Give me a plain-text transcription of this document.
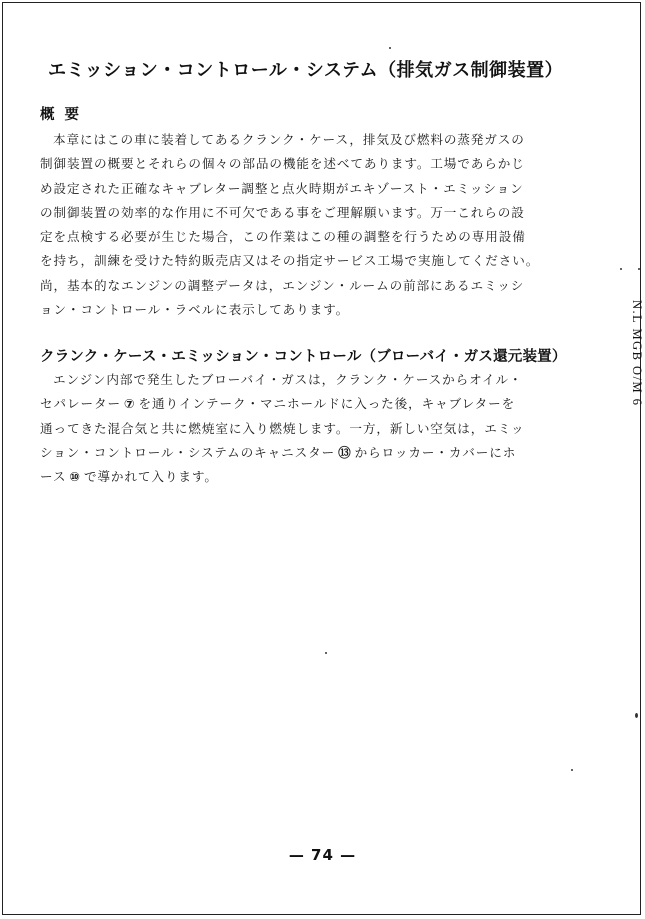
エミッション・コントロール・システム（排気ガス制御装置）
概要
本章にはこの車に装着してあるクランク・ケース，排気及び燃料の蒸発ガスの
制御装置の概要とそれらの個々の部品の機能を述べてあります。工場であらかじ
め設定された正確なキャブレター調整と点火時期がエキゾースト・エミッション
の制御装置の効率的な作用に不可欠である事をご理解願います。万一これらの設
定を点検する必要が生じた場合，この作業はこの種の調整を行うための専用設備
を持ち，訓練を受けた特約販売店又はその指定サービス工場で実施してください。
尚，基本的なエンジンの調整データは，エンジン・ルームの前部にあるエミッシ
ョン・コントロール・ラベルに表示してあります。
クランク・ケース・エミッション・コントロール（ブローバイ・ガス還元装置）
エンジン内部で発生したブローバイ・ガスは，クランク・ケースからオイル・
セパレーター ⑦ を通りインテーク・マニホールドに入った後，キャブレターを
通ってきた混合気と共に燃焼室に入り燃焼します。一方，新しい空気は，エミッ
ション・コントロール・システムのキャニスター ⑬ からロッカー・カバーにホ
ース ⑩ で導かれて入ります。
N.L MGB O/M 6
— 74 —
